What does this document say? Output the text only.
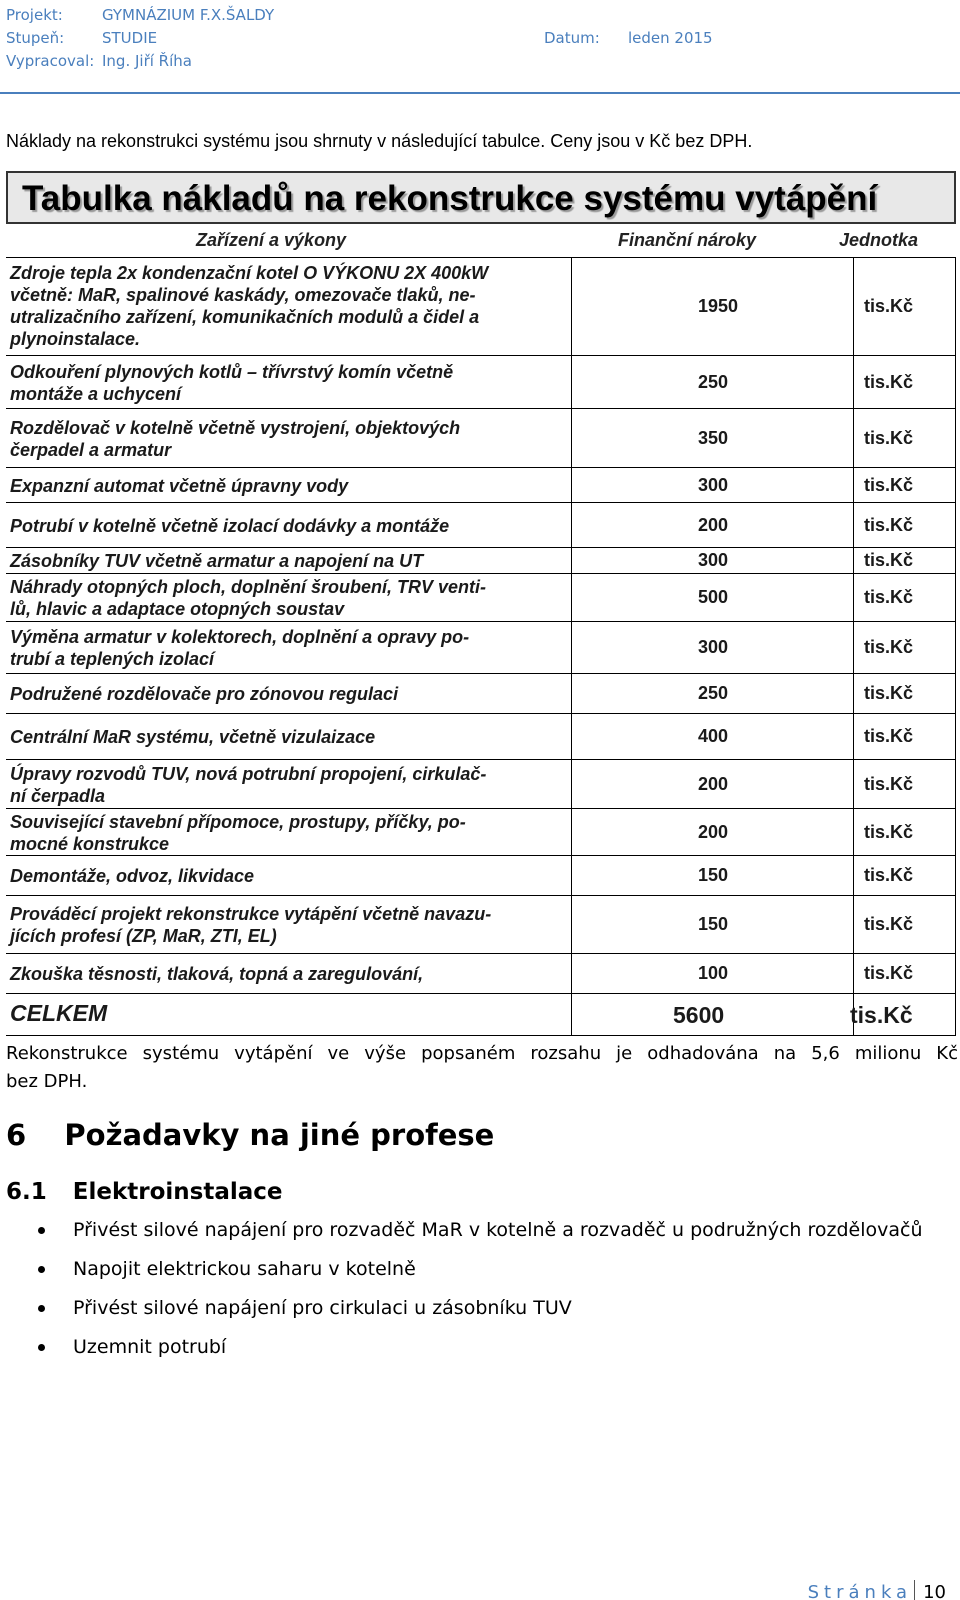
Projekt:	GYMNÁZIUM F.X.ŠALDY
Stupeň:	STUDIE	Datum: leden 2015
Vypracoval: Ing. Jiří Říha
Náklady na rekonstrukci systému jsou shrnuty v následující tabulce. Ceny jsou v Kč bez DPH.
Tabulka nákladů na rekonstrukce systému vytápění
Zařízení a výkony	Finanční nároky	Jednotka
Zdroje tepla 2x kondenzační kotel O VÝKONU 2X 400kW
včetně: MaR, spalinové kaskády, omezovače tlaků, ne-
utralizačního zařízení, komunikačních modulů a čidel a
plynoinstalace.
1950	tis.Kč
Odkouření plynových kotlů – třívrstvý komín včetně
montáže a uchycení
250	tis.Kč
Rozdělovač v kotelně včetně vystrojení, objektových
čerpadel a armatur
350	tis.Kč
Expanzní automat včetně úpravny vody	300	tis.Kč
Potrubí v kotelně včetně izolací dodávky a montáže	200	tis.Kč
Zásobníky TUV včetně armatur a napojení na UT	300	tis.Kč
Náhrady otopných ploch, doplnění šroubení, TRV venti-
lů, hlavic a adaptace otopných soustav
500	tis.Kč
Výměna armatur v kolektorech, doplnění a opravy po-
trubí a teplených izolací
300	tis.Kč
Podružené rozdělovače pro zónovou regulaci	250	tis.Kč
Centrální MaR systému, včetně vizulaizace	400	tis.Kč
Úpravy rozvodů TUV, nová potrubní propojení, cirkulač-
ní čerpadla
200	tis.Kč
Související stavební přípomoce, prostupy, příčky, po-
mocné konstrukce
200	tis.Kč
Demontáže, odvoz, likvidace	150	tis.Kč
Prováděcí projekt rekonstrukce vytápění včetně navazu-
jících profesí (ZP, MaR, ZTI, EL)
150	tis.Kč
Zkouška těsnosti, tlaková, topná a zaregulování,	100	tis.Kč
CELKEM	5600	tis.Kč
Rekonstrukce systému vytápění ve výše popsaném rozsahu je odhadována na 5,6 milionu Kč
bez DPH.
6 Požadavky na jiné profese
6.1 Elektroinstalace
Přivést silové napájení pro rozvaděč MaR v kotelně a rozvaděč u podružných rozdělovačů
Napojit elektrickou saharu v kotelně
Přivést silové napájení pro cirkulaci u zásobníku TUV
Uzemnit potrubí
Stránka 10
